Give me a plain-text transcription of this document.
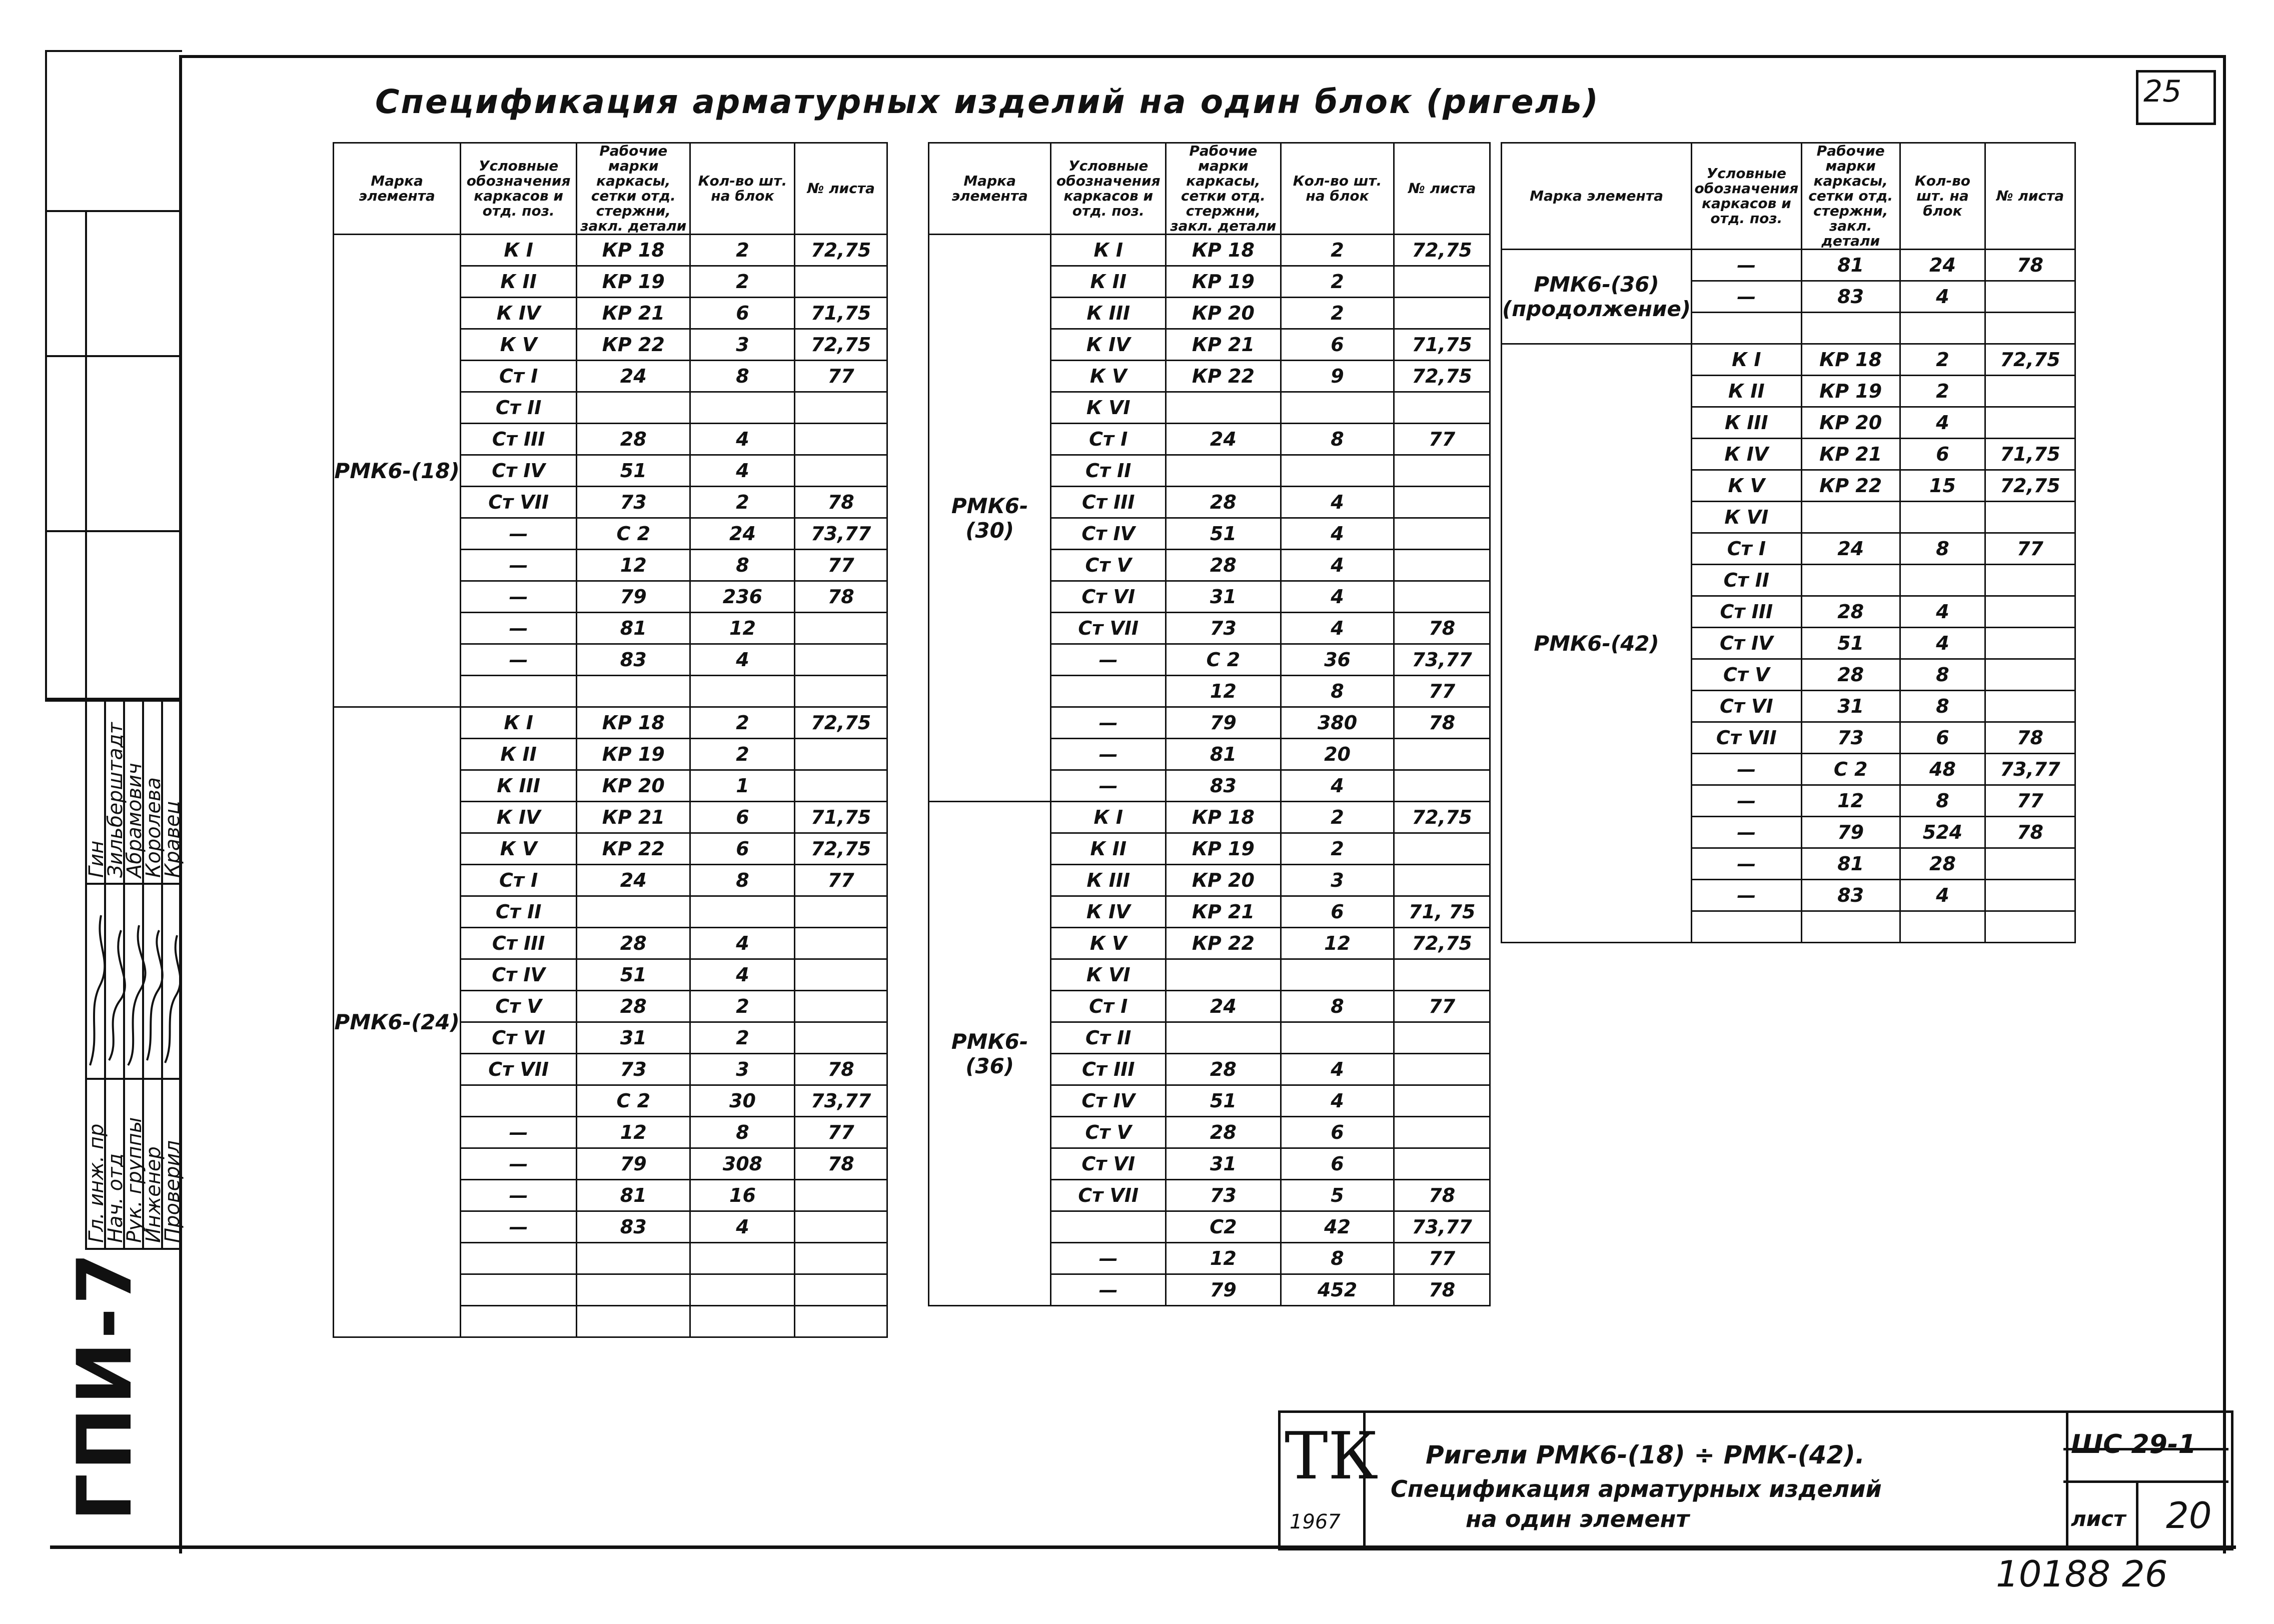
Гл. инж. пр
Нач. отд
Рук. группы
Инженер
Проверил
Гин
Зильберштадт
Абрамович
Королева
Кравец
ГПИ-7
Спецификация арматурных изделий на один блок (ригель)	25
Марка элемента	Условные обозначения каркасов и отд. поз.	Рабочие марки каркасы, сетки отд. стержни, закл. детали	Кол-во шт. на блок	№ листа
РМК6-(18)	К I	КР 18	2	72,75
	К II	КР 19	2	
	К IV	КР 21	6	71,75
	К V	КР 22	3	72,75
	Ст I	24	8	77
	Ст II			
	Ст III	28	4	
	Ст IV	51	4	
	Ст VII	73	2	78
	—	С 2	24	73,77
	—	12	8	77
	—	79	236	78
	—	81	12	
	—	83	4	

РМК6-(24)	К I	КР 18	2	72,75
	К II	КР 19	2	
	К III	КР 20	1	
	К IV	КР 21	6	71,75
	К V	КР 22	6	72,75
	Ст I	24	8	77
	Ст II			
	Ст III	28	4	
	Ст IV	51	4	
	Ст V	28	2	
	Ст VI	31	2	
	Ст VII	73	3	78
		С 2	30	73,77
	—	12	8	77
	—	79	308	78
	—	81	16	
	—	83	4	

Марка элемента	Условные обозначения каркасов и отд. поз.	Рабочие марки каркасы, сетки отд. стержни, закл. детали	Кол-во шт. на блок	№ листа
РМК6-(30)	К I	КР 18	2	72,75
	К II	КР 19	2	
	К III	КР 20	2	
	К IV	КР 21	6	71,75
	К V	КР 22	9	72,75
	К VI			
	Ст I	24	8	77
	Ст II			
	Ст III	28	4	
	Ст IV	51	4	
	Ст V	28	4	
	Ст VI	31	4	
	Ст VII	73	4	78
	—	С 2	36	73,77
		12	8	77
	—	79	380	78
	—	81	20	
	—	83	4	
РМК6-(36)	К I	КР 18	2	72,75
	К II	КР 19	2	
	К III	КР 20	3	
	К IV	КР 21	6	71, 75
	К V	КР 22	12	72,75
	К VI			
	Ст I	24	8	77
	Ст II			
	Ст III	28	4	
	Ст IV	51	4	
	Ст V	28	6	
	Ст VI	31	6	
	Ст VII	73	5	78
		С2	42	73,77
	—	12	8	77
	—	79	452	78
Марка элемента	Условные обозначения каркасов и отд. поз.	Рабочие марки каркасы, сетки отд. стержни, закл. детали	Кол-во шт. на блок	№ листа
РМК6-(36) (продолжение)	—	81	24	78
	—	83	4	

РМК6-(42)	К I	КР 18	2	72,75
	К II	КР 19	2	
	К III	КР 20	4	
	К IV	КР 21	6	71,75
	К V	КР 22	15	72,75
	К VI			
	Ст I	24	8	77
	Ст II			
	Ст III	28	4	
	Ст IV	51	4	
	Ст V	28	8	
	Ст VI	31	8	
	Ст VII	73	6	78
	—	С 2	48	73,77
	—	12	8	77
	—	79	524	78
	—	81	28	
	—	83	4	

ТК
1967
Ригели РМК6-(18) ÷ РМК-(42).
Спецификация арматурных изделий
на один элемент
ШС 29-1
лист 20
10188 26
